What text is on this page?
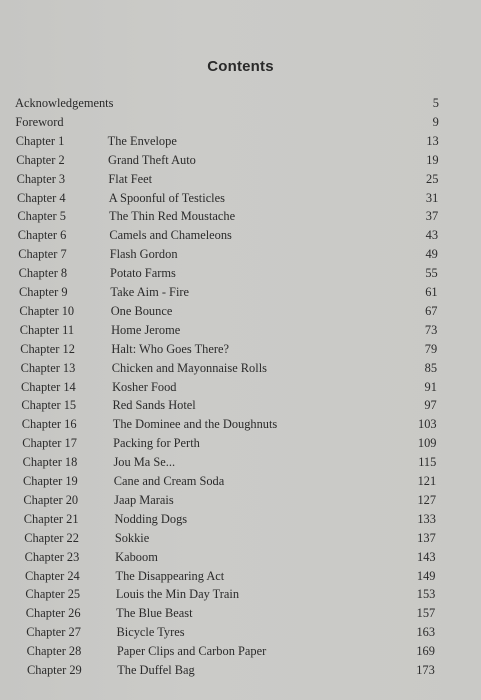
Contents
Acknowledgements	5
Foreword	9
Chapter 1	The Envelope	13
Chapter 2	Grand Theft Auto	19
Chapter 3	Flat Feet	25
Chapter 4	A Spoonful of Testicles	31
Chapter 5	The Thin Red Moustache	37
Chapter 6	Camels and Chameleons	43
Chapter 7	Flash Gordon	49
Chapter 8	Potato Farms	55
Chapter 9	Take Aim - Fire	61
Chapter 10	One Bounce	67
Chapter 11	Home Jerome	73
Chapter 12	Halt: Who Goes There?	79
Chapter 13	Chicken and Mayonnaise Rolls	85
Chapter 14	Kosher Food	91
Chapter 15	Red Sands Hotel	97
Chapter 16	The Dominee and the Doughnuts	103
Chapter 17	Packing for Perth	109
Chapter 18	Jou Ma Se...	115
Chapter 19	Cane and Cream Soda	121
Chapter 20	Jaap Marais	127
Chapter 21	Nodding Dogs	133
Chapter 22	Sokkie	137
Chapter 23	Kaboom	143
Chapter 24	The Disappearing Act	149
Chapter 25	Louis the Min Day Train	153
Chapter 26	The Blue Beast	157
Chapter 27	Bicycle Tyres	163
Chapter 28	Paper Clips and Carbon Paper	169
Chapter 29	The Duffel Bag	173
